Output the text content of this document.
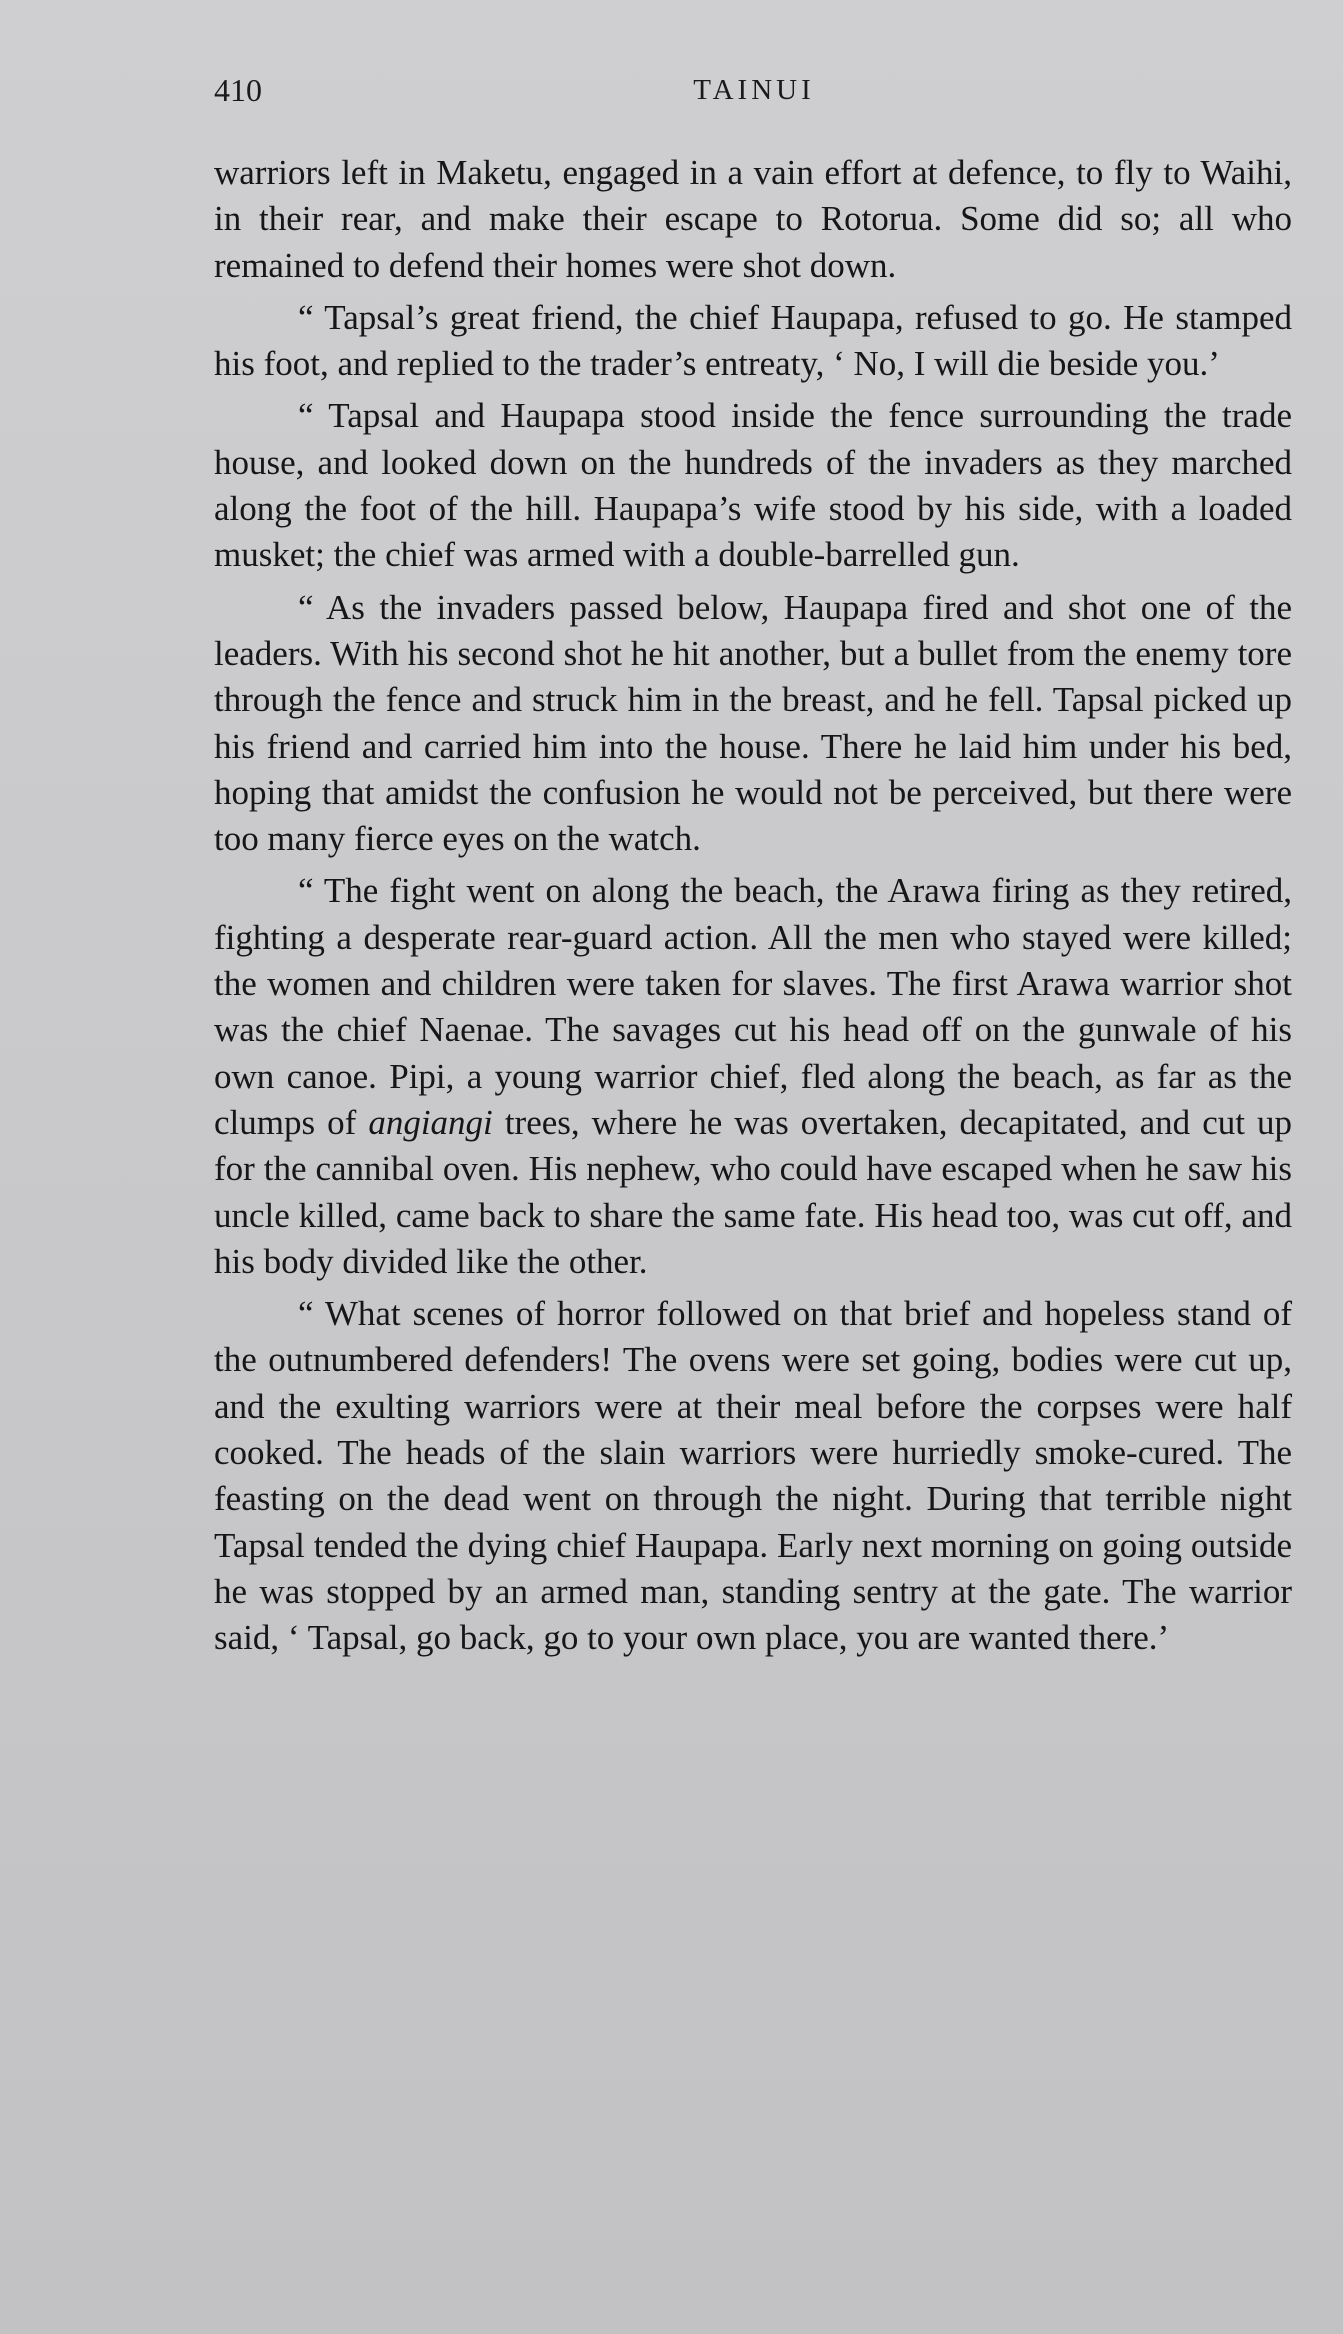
410	TAINUI

warriors left in Maketu, engaged in a vain effort at defence, to fly to Waihi, in their rear, and make their escape to Rotorua. Some did so; all who remained to defend their homes were shot down.

“ Tapsal’s great friend, the chief Haupapa, refused to go. He stamped his foot, and replied to the trader’s entreaty, ‘ No, I will die beside you.’

“ Tapsal and Haupapa stood inside the fence surrounding the trade house, and looked down on the hundreds of the invaders as they marched along the foot of the hill. Haupapa’s wife stood by his side, with a loaded musket; the chief was armed with a double-barrelled gun.

“ As the invaders passed below, Haupapa fired and shot one of the leaders. With his second shot he hit another, but a bullet from the enemy tore through the fence and struck him in the breast, and he fell. Tapsal picked up his friend and carried him into the house. There he laid him under his bed, hoping that amidst the confusion he would not be perceived, but there were too many fierce eyes on the watch.

“ The fight went on along the beach, the Arawa firing as they retired, fighting a desperate rear-guard action. All the men who stayed were killed; the women and children were taken for slaves. The first Arawa warrior shot was the chief Naenae. The savages cut his head off on the gunwale of his own canoe. Pipi, a young warrior chief, fled along the beach, as far as the clumps of angiangi trees, where he was overtaken, decapitated, and cut up for the cannibal oven. His nephew, who could have escaped when he saw his uncle killed, came back to share the same fate. His head too, was cut off, and his body divided like the other.

“ What scenes of horror followed on that brief and hopeless stand of the outnumbered defenders! The ovens were set going, bodies were cut up, and the exulting warriors were at their meal before the corpses were half cooked. The heads of the slain warriors were hurriedly smoke-cured. The feasting on the dead went on through the night. During that terrible night Tapsal tended the dying chief Haupapa. Early next morning on going outside he was stopped by an armed man, standing sentry at the gate. The warrior said, ‘ Tapsal, go back, go to your own place, you are wanted there.’
